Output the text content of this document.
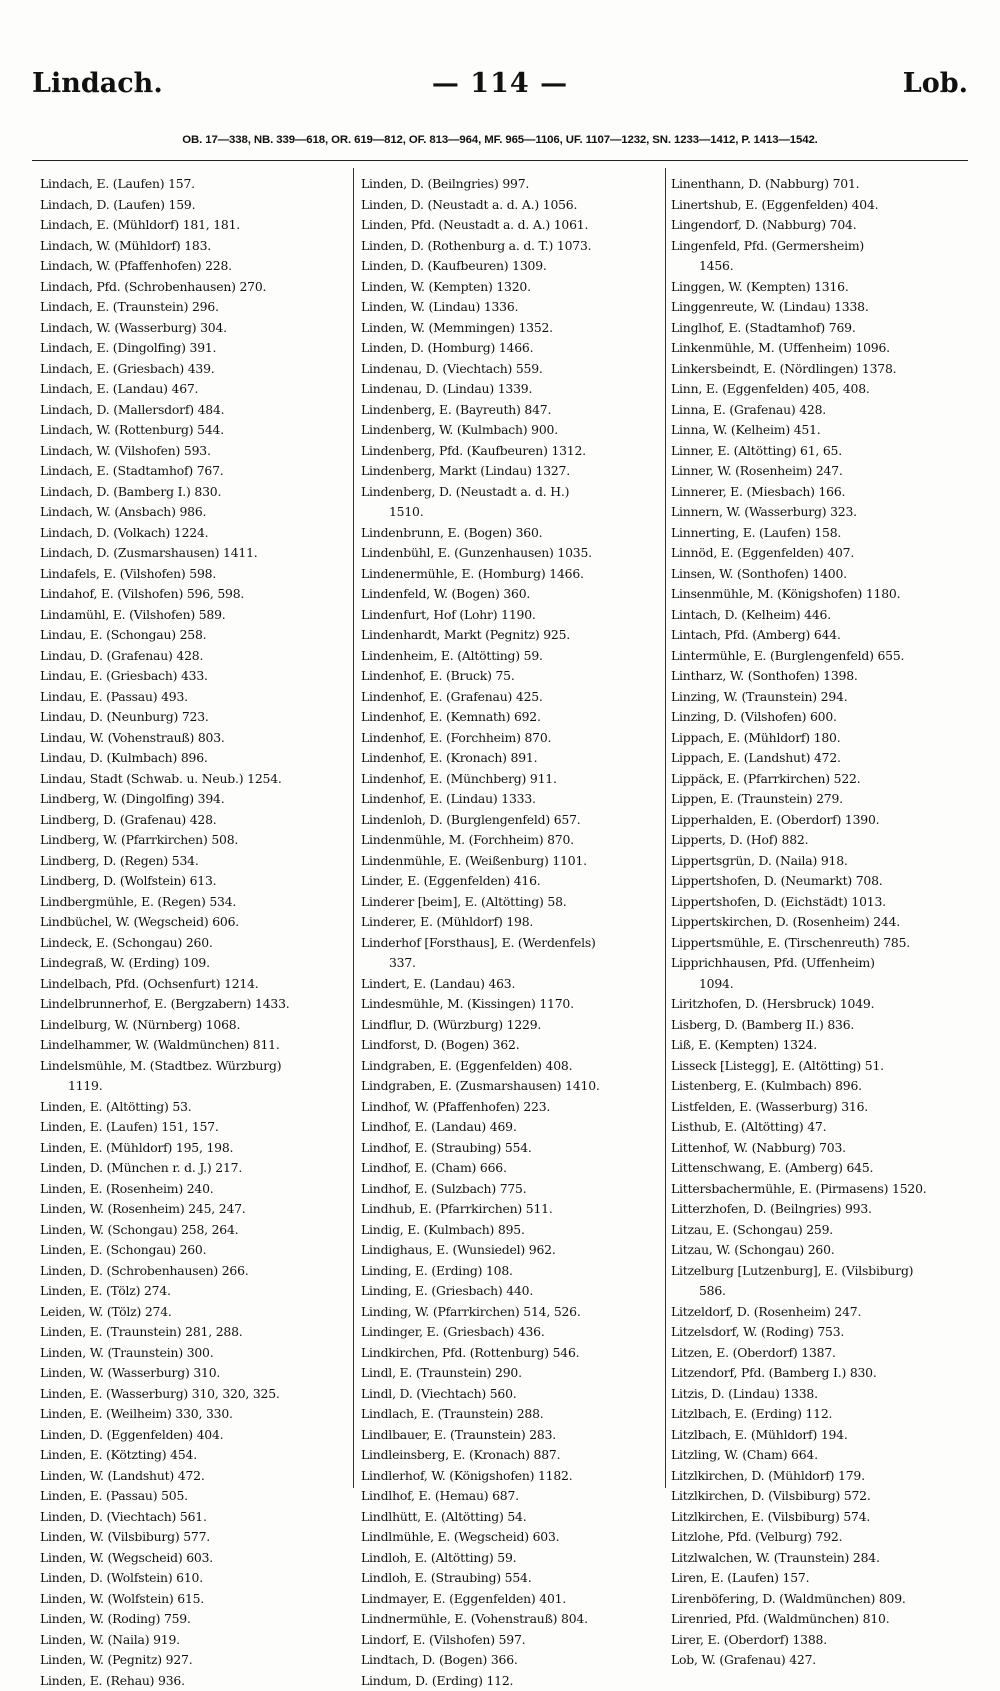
— 114 —
Lindach.	Lob.
OB. 17—338, NB. 339—618, OR. 619—812, OF. 813—964, MF. 965—1106, UF. 1107—1232, SN. 1233—1412, P. 1413—1542.
Lindach, E. (Laufen) 157.
Lindach, D. (Laufen) 159.
Lindach, E. (Mühldorf) 181, 181.
Lindach, W. (Mühldorf) 183.
Lindach, W. (Pfaffenhofen) 228.
Lindach, Pfd. (Schrobenhausen) 270.
Lindach, E. (Traunstein) 296.
Lindach, W. (Wasserburg) 304.
Lindach, E. (Dingolfing) 391.
Lindach, E. (Griesbach) 439.
Lindach, E. (Landau) 467.
Lindach, D. (Mallersdorf) 484.
Lindach, W. (Rottenburg) 544.
Lindach, W. (Vilshofen) 593.
Lindach, E. (Stadtamhof) 767.
Lindach, D. (Bamberg I.) 830.
Lindach, W. (Ansbach) 986.
Lindach, D. (Volkach) 1224.
Lindach, D. (Zusmarshausen) 1411.
Lindafels, E. (Vilshofen) 598.
Lindahof, E. (Vilshofen) 596, 598.
Lindamühl, E. (Vilshofen) 589.
Lindau, E. (Schongau) 258.
Lindau, D. (Grafenau) 428.
Lindau, E. (Griesbach) 433.
Lindau, E. (Passau) 493.
Lindau, D. (Neunburg) 723.
Lindau, W. (Vohenstrauß) 803.
Lindau, D. (Kulmbach) 896.
Lindau, Stadt (Schwab. u. Neub.) 1254.
Lindberg, W. (Dingolfing) 394.
Lindberg, D. (Grafenau) 428.
Lindberg, W. (Pfarrkirchen) 508.
Lindberg, D. (Regen) 534.
Lindberg, D. (Wolfstein) 613.
Lindbergmühle, E. (Regen) 534.
Lindbüchel, W. (Wegscheid) 606.
Lindeck, E. (Schongau) 260.
Lindegraß, W. (Erding) 109.
Lindelbach, Pfd. (Ochsenfurt) 1214.
Lindelbrunnerhof, E. (Bergzabern) 1433.
Lindelburg, W. (Nürnberg) 1068.
Lindelhammer, W. (Waldmünchen) 811.
Lindelsmühle, M. (Stadtbez. Würzburg)
1119.
Linden, E. (Altötting) 53.
Linden, E. (Laufen) 151, 157.
Linden, E. (Mühldorf) 195, 198.
Linden, D. (München r. d. J.) 217.
Linden, E. (Rosenheim) 240.
Linden, W. (Rosenheim) 245, 247.
Linden, W. (Schongau) 258, 264.
Linden, E. (Schongau) 260.
Linden, D. (Schrobenhausen) 266.
Linden, E. (Tölz) 274.
Leiden, W. (Tölz) 274.
Linden, E. (Traunstein) 281, 288.
Linden, W. (Traunstein) 300.
Linden, W. (Wasserburg) 310.
Linden, E. (Wasserburg) 310, 320, 325.
Linden, E. (Weilheim) 330, 330.
Linden, D. (Eggenfelden) 404.
Linden, E. (Kötzting) 454.
Linden, W. (Landshut) 472.
Linden, E. (Passau) 505.
Linden, D. (Viechtach) 561.
Linden, W. (Vilsbiburg) 577.
Linden, W. (Wegscheid) 603.
Linden, D. (Wolfstein) 610.
Linden, W. (Wolfstein) 615.
Linden, W. (Roding) 759.
Linden, W. (Naila) 919.
Linden, W. (Pegnitz) 927.
Linden, E. (Rehau) 936.
Linden, D. (Beilngries) 997.
Linden, D. (Neustadt a. d. A.) 1056.
Linden, Pfd. (Neustadt a. d. A.) 1061.
Linden, D. (Rothenburg a. d. T.) 1073.
Linden, D. (Kaufbeuren) 1309.
Linden, W. (Kempten) 1320.
Linden, W. (Lindau) 1336.
Linden, W. (Memmingen) 1352.
Linden, D. (Homburg) 1466.
Lindenau, D. (Viechtach) 559.
Lindenau, D. (Lindau) 1339.
Lindenberg, E. (Bayreuth) 847.
Lindenberg, W. (Kulmbach) 900.
Lindenberg, Pfd. (Kaufbeuren) 1312.
Lindenberg, Markt (Lindau) 1327.
Lindenberg, D. (Neustadt a. d. H.)
1510.
Lindenbrunn, E. (Bogen) 360.
Lindenbühl, E. (Gunzenhausen) 1035.
Lindenermühle, E. (Homburg) 1466.
Lindenfeld, W. (Bogen) 360.
Lindenfurt, Hof (Lohr) 1190.
Lindenhardt, Markt (Pegnitz) 925.
Lindenheim, E. (Altötting) 59.
Lindenhof, E. (Bruck) 75.
Lindenhof, E. (Grafenau) 425.
Lindenhof, E. (Kemnath) 692.
Lindenhof, E. (Forchheim) 870.
Lindenhof, E. (Kronach) 891.
Lindenhof, E. (Münchberg) 911.
Lindenhof, E. (Lindau) 1333.
Lindenloh, D. (Burglengenfeld) 657.
Lindenmühle, M. (Forchheim) 870.
Lindenmühle, E. (Weißenburg) 1101.
Linder, E. (Eggenfelden) 416.
Linderer [beim], E. (Altötting) 58.
Linderer, E. (Mühldorf) 198.
Linderhof [Forsthaus], E. (Werdenfels)
337.
Lindert, E. (Landau) 463.
Lindesmühle, M. (Kissingen) 1170.
Lindflur, D. (Würzburg) 1229.
Lindforst, D. (Bogen) 362.
Lindgraben, E. (Eggenfelden) 408.
Lindgraben, E. (Zusmarshausen) 1410.
Lindhof, W. (Pfaffenhofen) 223.
Lindhof, E. (Landau) 469.
Lindhof, E. (Straubing) 554.
Lindhof, E. (Cham) 666.
Lindhof, E. (Sulzbach) 775.
Lindhub, E. (Pfarrkirchen) 511.
Lindig, E. (Kulmbach) 895.
Lindighaus, E. (Wunsiedel) 962.
Linding, E. (Erding) 108.
Linding, E. (Griesbach) 440.
Linding, W. (Pfarrkirchen) 514, 526.
Lindinger, E. (Griesbach) 436.
Lindkirchen, Pfd. (Rottenburg) 546.
Lindl, E. (Traunstein) 290.
Lindl, D. (Viechtach) 560.
Lindlach, E. (Traunstein) 288.
Lindlbauer, E. (Traunstein) 283.
Lindleinsberg, E. (Kronach) 887.
Lindlerhof, W. (Königshofen) 1182.
Lindlhof, E. (Hemau) 687.
Lindlhütt, E. (Altötting) 54.
Lindlmühle, E. (Wegscheid) 603.
Lindloh, E. (Altötting) 59.
Lindloh, E. (Straubing) 554.
Lindmayer, E. (Eggenfelden) 401.
Lindnermühle, E. (Vohenstrauß) 804.
Lindorf, E. (Vilshofen) 597.
Lindtach, D. (Bogen) 366.
Lindum, D. (Erding) 112.
Linenthann, D. (Nabburg) 701.
Linertshub, E. (Eggenfelden) 404.
Lingendorf, D. (Nabburg) 704.
Lingenfeld, Pfd. (Germersheim)
1456.
Linggen, W. (Kempten) 1316.
Linggenreute, W. (Lindau) 1338.
Linglhof, E. (Stadtamhof) 769.
Linkenmühle, M. (Uffenheim) 1096.
Linkersbeindt, E. (Nördlingen) 1378.
Linn, E. (Eggenfelden) 405, 408.
Linna, E. (Grafenau) 428.
Linna, W. (Kelheim) 451.
Linner, E. (Altötting) 61, 65.
Linner, W. (Rosenheim) 247.
Linnerer, E. (Miesbach) 166.
Linnern, W. (Wasserburg) 323.
Linnerting, E. (Laufen) 158.
Linnöd, E. (Eggenfelden) 407.
Linsen, W. (Sonthofen) 1400.
Linsenmühle, M. (Königshofen) 1180.
Lintach, D. (Kelheim) 446.
Lintach, Pfd. (Amberg) 644.
Lintermühle, E. (Burglengenfeld) 655.
Lintharz, W. (Sonthofen) 1398.
Linzing, W. (Traunstein) 294.
Linzing, D. (Vilshofen) 600.
Lippach, E. (Mühldorf) 180.
Lippach, E. (Landshut) 472.
Lippäck, E. (Pfarrkirchen) 522.
Lippen, E. (Traunstein) 279.
Lipperhalden, E. (Oberdorf) 1390.
Lipperts, D. (Hof) 882.
Lippertsgrün, D. (Naila) 918.
Lippertshofen, D. (Neumarkt) 708.
Lippertshofen, D. (Eichstädt) 1013.
Lippertskirchen, D. (Rosenheim) 244.
Lippertsmühle, E. (Tirschenreuth) 785.
Lipprichhausen, Pfd. (Uffenheim)
1094.
Liritzhofen, D. (Hersbruck) 1049.
Lisberg, D. (Bamberg II.) 836.
Liß, E. (Kempten) 1324.
Lisseck [Listegg], E. (Altötting) 51.
Listenberg, E. (Kulmbach) 896.
Listfelden, E. (Wasserburg) 316.
Listhub, E. (Altötting) 47.
Littenhof, W. (Nabburg) 703.
Littenschwang, E. (Amberg) 645.
Littersbachermühle, E. (Pirmasens) 1520.
Litterzhofen, D. (Beilngries) 993.
Litzau, E. (Schongau) 259.
Litzau, W. (Schongau) 260.
Litzelburg [Lutzenburg], E. (Vilsbiburg)
586.
Litzeldorf, D. (Rosenheim) 247.
Litzelsdorf, W. (Roding) 753.
Litzen, E. (Oberdorf) 1387.
Litzendorf, Pfd. (Bamberg I.) 830.
Litzis, D. (Lindau) 1338.
Litzlbach, E. (Erding) 112.
Litzlbach, E. (Mühldorf) 194.
Litzling, W. (Cham) 664.
Litzlkirchen, D. (Mühldorf) 179.
Litzlkirchen, D. (Vilsbiburg) 572.
Litzlkirchen, E. (Vilsbiburg) 574.
Litzlohe, Pfd. (Velburg) 792.
Litzlwalchen, W. (Traunstein) 284.
Liren, E. (Laufen) 157.
Lirenböfering, D. (Waldmünchen) 809.
Lirenried, Pfd. (Waldmünchen) 810.
Lirer, E. (Oberdorf) 1388.
Lob, W. (Grafenau) 427.
